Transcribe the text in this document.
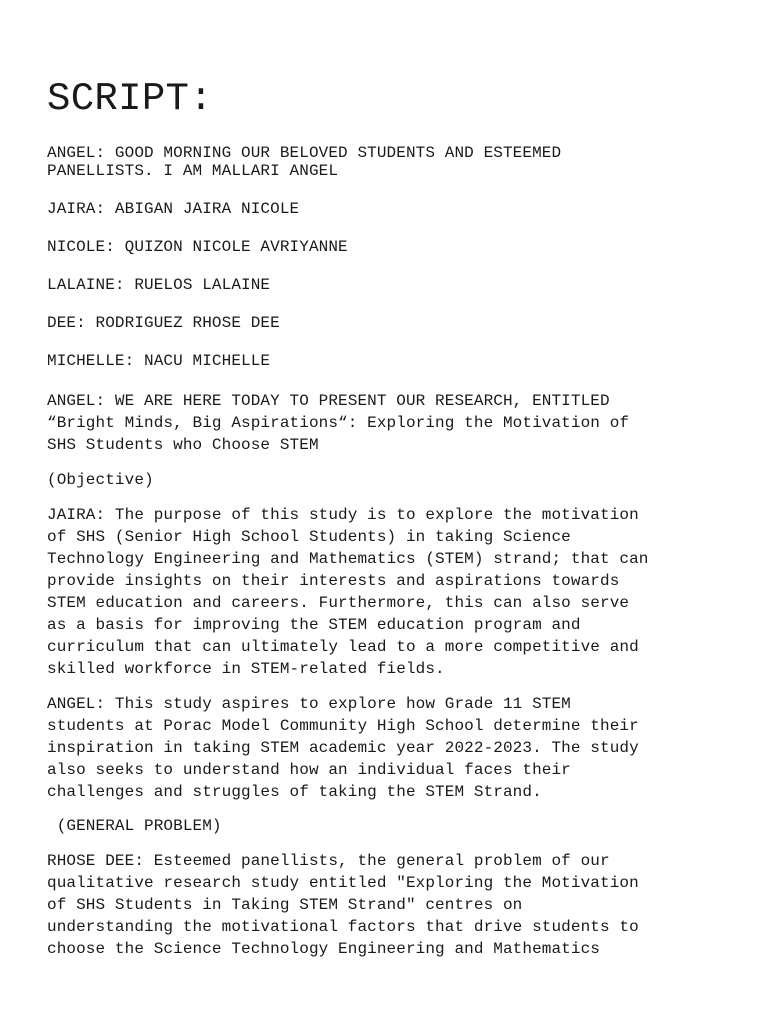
SCRIPT:

ANGEL: GOOD MORNING OUR BELOVED STUDENTS AND ESTEEMED
PANELLISTS. I AM MALLARI ANGEL

JAIRA: ABIGAN JAIRA NICOLE

NICOLE: QUIZON NICOLE AVRIYANNE

LALAINE: RUELOS LALAINE

DEE: RODRIGUEZ RHOSE DEE

MICHELLE: NACU MICHELLE

ANGEL: WE ARE HERE TODAY TO PRESENT OUR RESEARCH, ENTITLED
“Bright Minds, Big Aspirations“: Exploring the Motivation of
SHS Students who Choose STEM

(Objective)

JAIRA: The purpose of this study is to explore the motivation
of SHS (Senior High School Students) in taking Science
Technology Engineering and Mathematics (STEM) strand; that can
provide insights on their interests and aspirations towards
STEM education and careers. Furthermore, this can also serve
as a basis for improving the STEM education program and
curriculum that can ultimately lead to a more competitive and
skilled workforce in STEM-related fields.

ANGEL: This study aspires to explore how Grade 11 STEM
students at Porac Model Community High School determine their
inspiration in taking STEM academic year 2022-2023. The study
also seeks to understand how an individual faces their
challenges and struggles of taking the STEM Strand.

(GENERAL PROBLEM)

RHOSE DEE: Esteemed panellists, the general problem of our
qualitative research study entitled "Exploring the Motivation
of SHS Students in Taking STEM Strand" centres on
understanding the motivational factors that drive students to
choose the Science Technology Engineering and Mathematics
